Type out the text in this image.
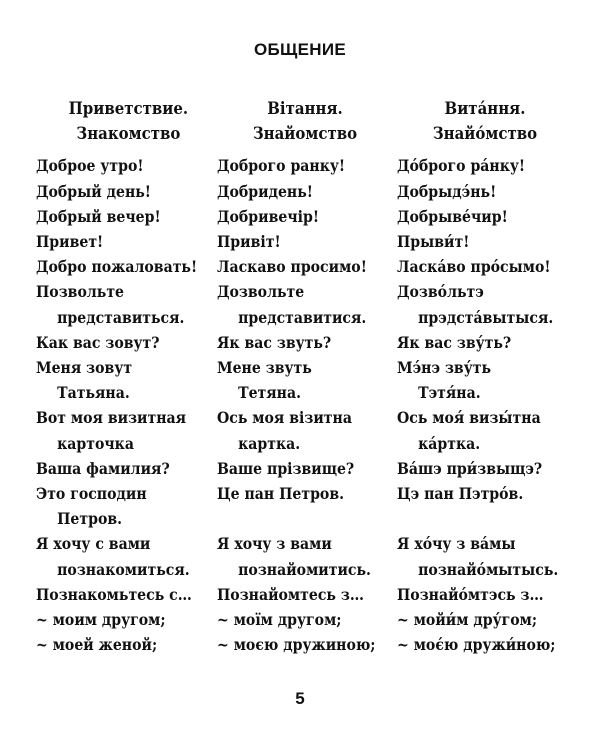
ОБЩЕНИЕ
Приветствие.
Знакомство
Доброе утро!
Добрый день!
Добрый вечер!
Привет!
Добро пожаловать!
Позвольте
представиться.
Как вас зовут?
Меня зовут
Татьяна.
Вот моя визитная
карточка
Ваша фамилия?
Это господин
Петров.
Я хочу с вами
познакомиться.
Познакомьтесь с…
~ моим другом;
~ моей женой;
Вітання.
Знайомство
Доброго ранку!
Добридень!
Добривечір!
Привіт!
Ласкаво просимо!
Дозвольте
представитися.
Як вас звуть?
Мене звуть
Тетяна.
Ось моя візитна
картка.
Ваше прізвище?
Це пан Петров.

Я хочу з вами
познайомитись.
Познайомтесь з…
~ моїм другом;
~ моєю дружиною;
Вита́ння.
Знайо́мство
До́брого ра́нку!
Добрыдэ́нь!
Добрыве́чир!
Прыви́т!
Ласка́во про́сымо!
Дозво́льтэ
прэдста́вытыся.
Як вас зву́ть?
Мэ́нэ зву́ть
Тэтя́на.
Ось моя́ визы́тна
ка́ртка.
Ва́шэ при́звыщэ?
Цэ пан Пэтро́в.

Я хо́чу з ва́мы
познайо́мытысь.
Познайо́мтэсь з…
~ мойи́м дру́гом;
~ моє́ю дружи́ною;
5
